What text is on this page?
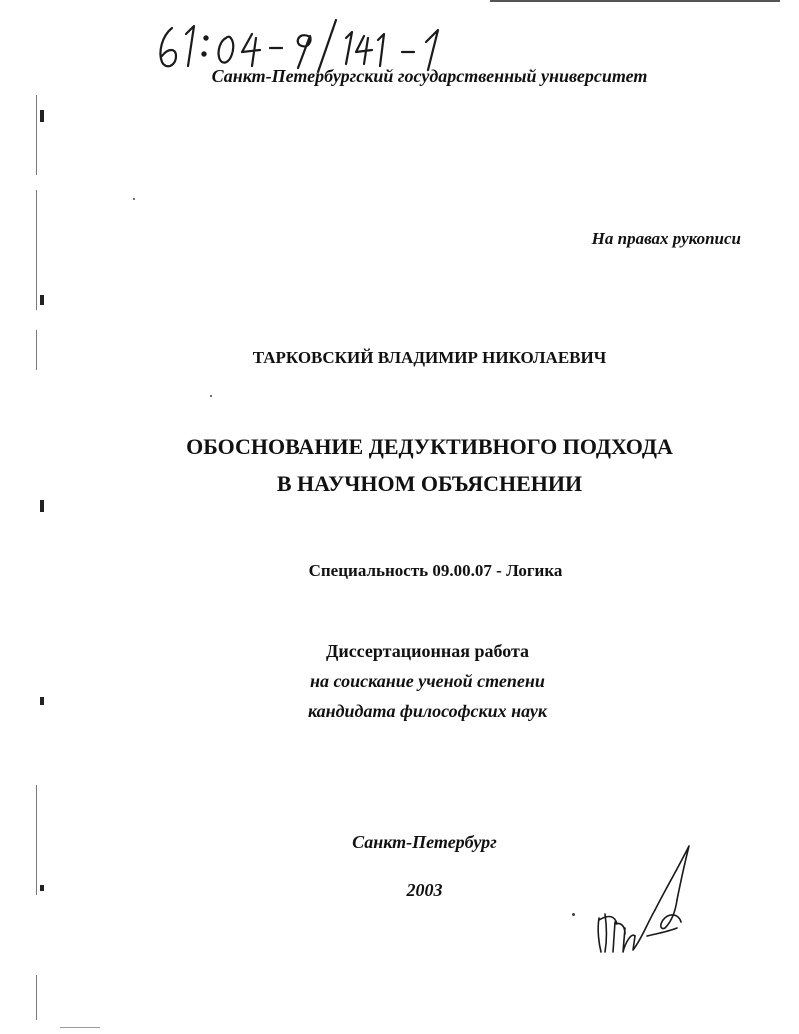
Санкт-Петербургский государственный университет
На правах рукописи
ТАРКОВСКИЙ ВЛАДИМИР НИКОЛАЕВИЧ
ОБОСНОВАНИЕ ДЕДУКТИВНОГО ПОДХОДА
В НАУЧНОМ ОБЪЯСНЕНИИ
Специальность 09.00.07 - Логика
Диссертационная работа
на соискание ученой степени
кандидата философских наук
Санкт-Петербург
2003
